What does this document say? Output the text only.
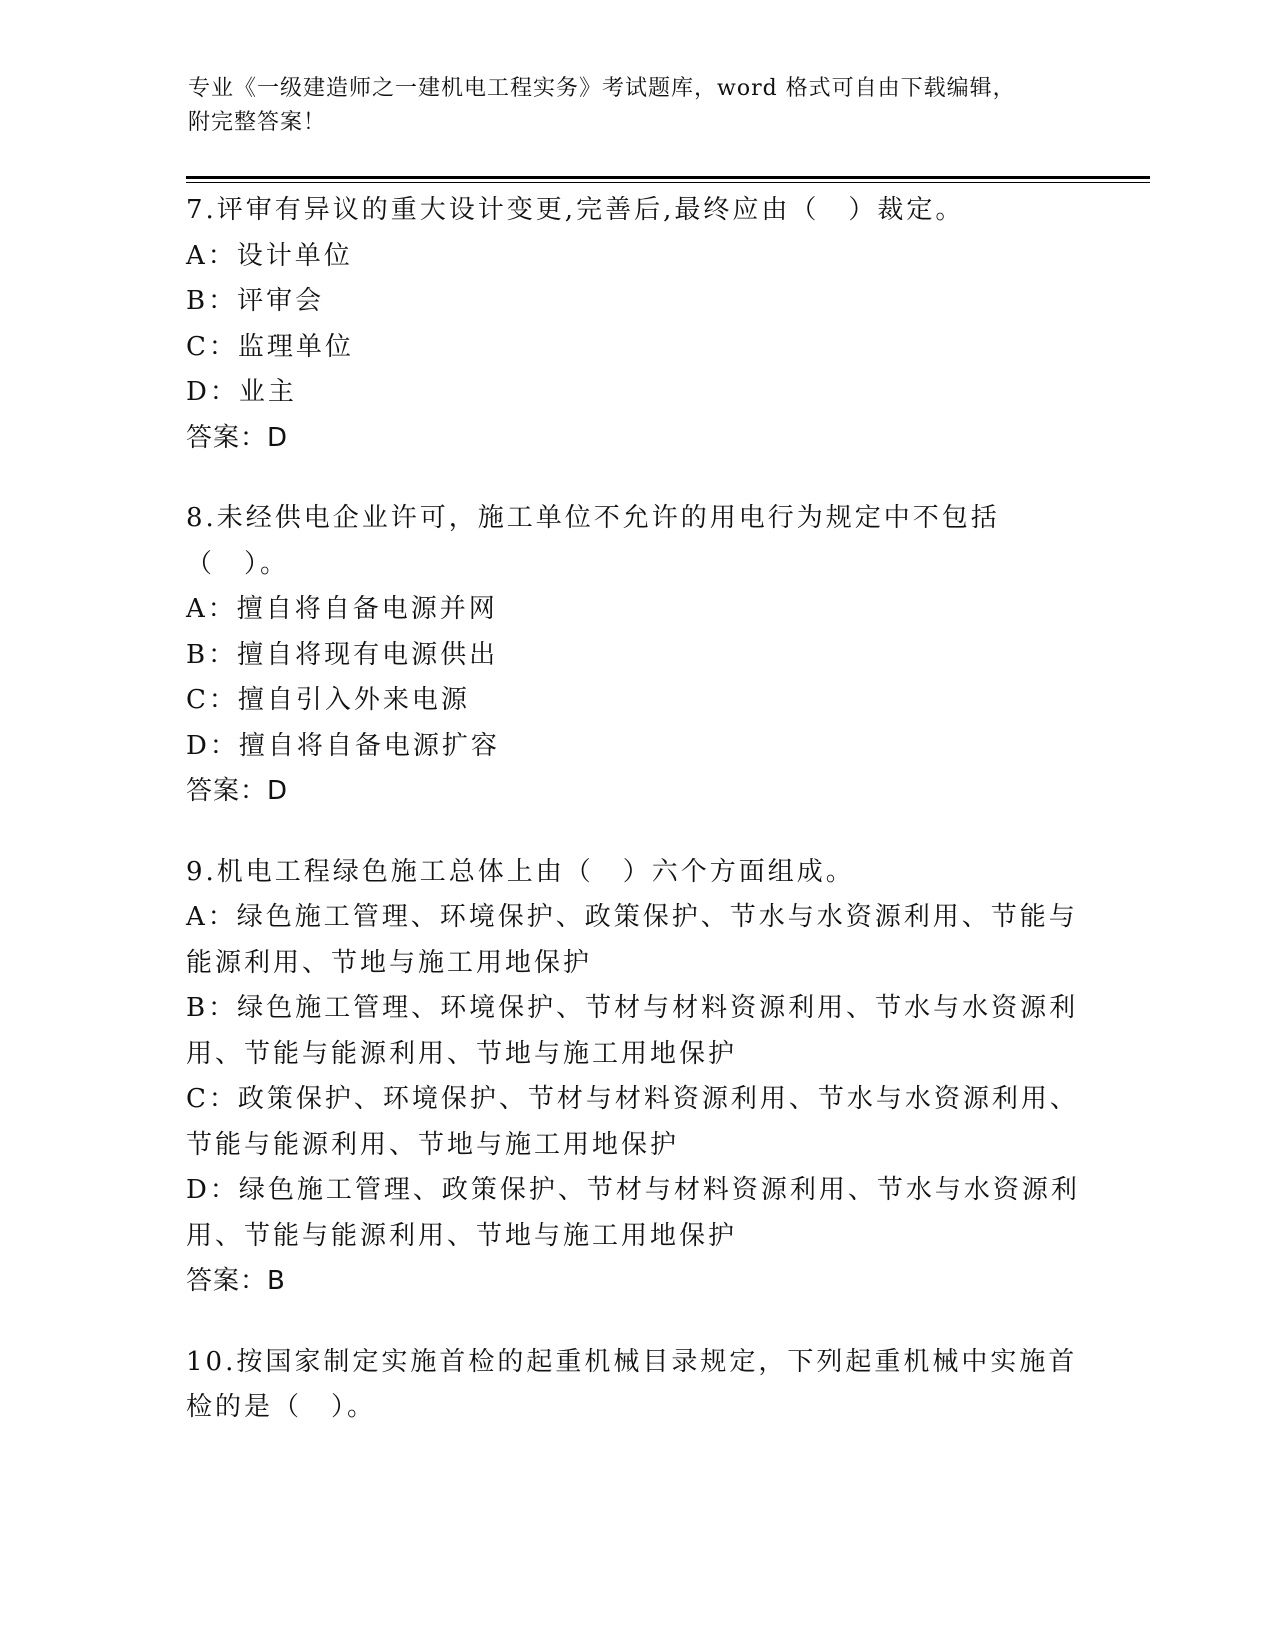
专业《一级建造师之一建机电工程实务》考试题库，word 格式可自由下载编辑，
附完整答案！

7.评审有异议的重大设计变更,完善后,最终应由（　）裁定。

A：设计单位

B：评审会

C：监理单位

D：业主

答案：D

8.未经供电企业许可，施工单位不允许的用电行为规定中不包括（　）。

A：擅自将自备电源并网

B：擅自将现有电源供出

C：擅自引入外来电源

D：擅自将自备电源扩容

答案：D

9.机电工程绿色施工总体上由（　）六个方面组成。

A：绿色施工管理、环境保护、政策保护、节水与水资源利用、节能与能源利用、节地与施工用地保护

B：绿色施工管理、环境保护、节材与材料资源利用、节水与水资源利用、节能与能源利用、节地与施工用地保护

C：政策保护、环境保护、节材与材料资源利用、节水与水资源利用、节能与能源利用、节地与施工用地保护

D：绿色施工管理、政策保护、节材与材料资源利用、节水与水资源利用、节能与能源利用、节地与施工用地保护

答案：B

10.按国家制定实施首检的起重机械目录规定，下列起重机械中实施首检的是（　）。
